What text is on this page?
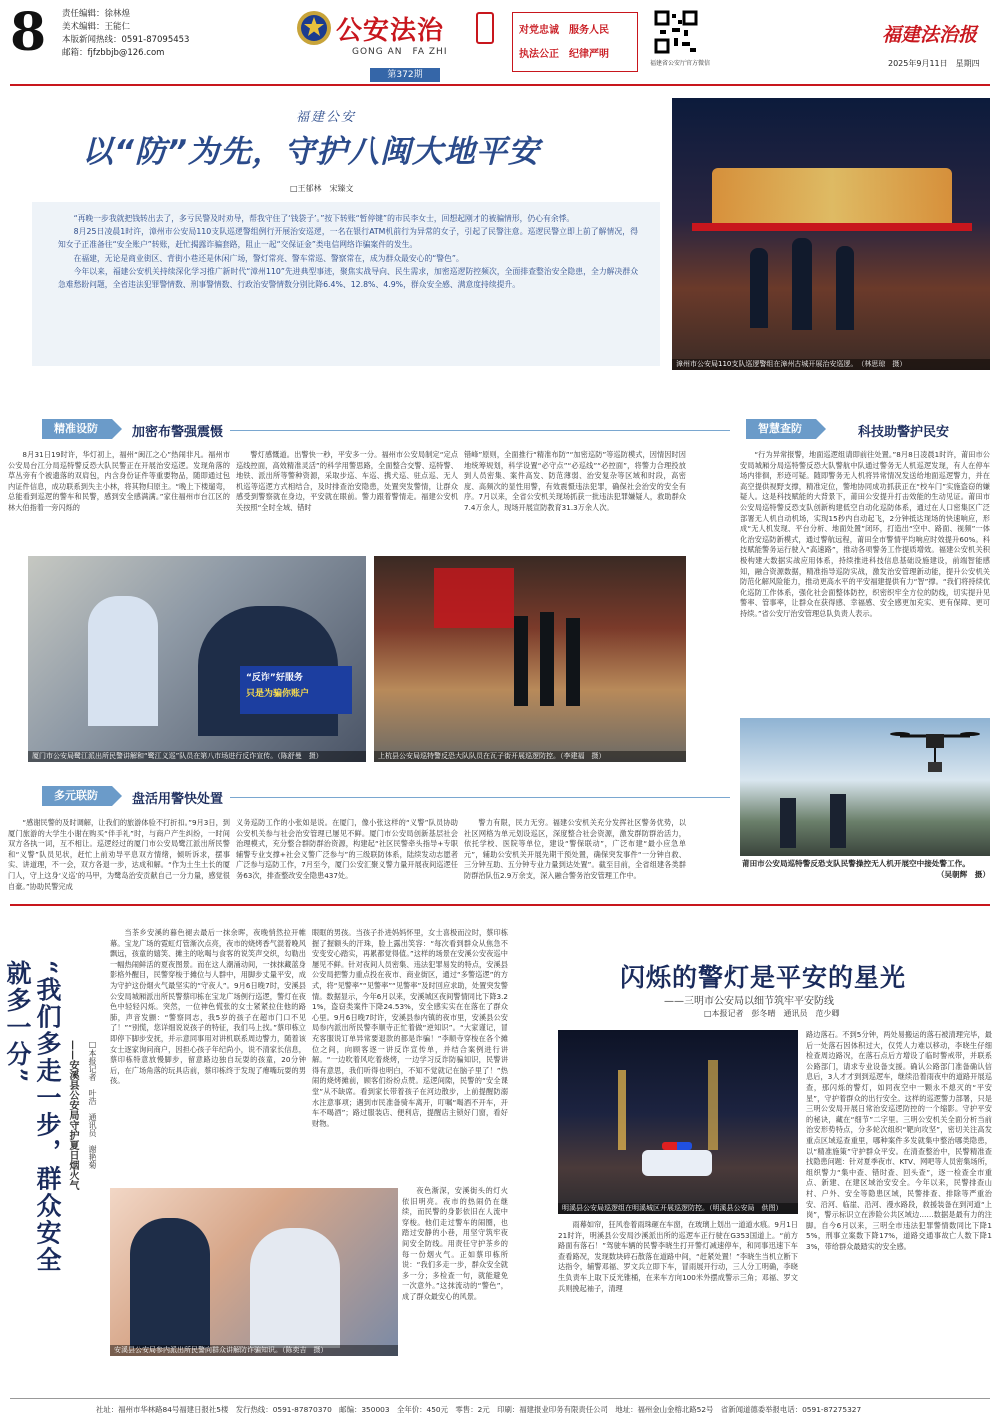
8 责任编辑：徐林煌
美术编辑：王能仁
本版新闻热线：0591-87095453
邮箱：fjfzbbjb@126.com
公安法治
GONG AN　FA ZHI
第372期
对党忠诚　服务人民
执法公正　纪律严明
福建省公安厅官方微信
福建法治报
2025年9月11日　星期四
福建公安
以“防”为先，守护八闽大地平安
□王郁林　宋臻文

“再晚一步我就把钱转出去了，多亏民警及时劝导，帮我守住了‘钱袋子’。”按下转账“暂停键”的市民李女士，回想起刚才的被骗情形，仍心有余悸。

8月25日凌晨1时许，漳州市公安局110支队巡逻警组例行开展治安巡逻，一名在银行ATM机前行为异常的女子，引起了民警注意。巡逻民警立即上前了解情况，得知女子正准备往“安全账户”转账，赶忙揭露诈骗套路，阻止一起“交保证金”类电信网络诈骗案件的发生。

在福建，无论是商业街区、背街小巷还是休闲广场，警灯常亮、警车常巡、警察常在，成为群众最安心的“警色”。

今年以来，福建公安机关持续深化学习推广新时代“漳州110”先进典型事迹，聚焦实战导向、民生需求，加密巡逻防控频次，全面排查整治安全隐患，全力解决群众急难愁盼问题，全省违法犯罪警情数、刑事警情数、行政治安警情数分别比降6.4%、12.8%、4.9%，群众安全感、满意度持续提升。

漳州市公安局110支队巡逻警组在漳州古城开展治安巡逻。　 （林思琼　摄）
精准设防	加密布警强震慑
8月31日19时许，华灯初上，福州“闽江之心”热闹非凡。福州市公安局台江分局巡特警反恐大队民警正在开展治安巡逻。发现角落的草丛旁有个被遗落的双肩包，内含身份证件等重要物品，随即通过包内证件信息，成功联系到失主小林，将其物归原主。“晚上下楼遛弯，总能看到巡逻的警车和民警，感到安全感满满。”家住福州市台江区的林大伯指着一旁闪烁的
警灯感慨道。出警快一秒，平安多一分。福州市公安局制定“定点巡线控面，高效精准灵活”的科学用警思路，全面整合交警、巡特警、地铁、派出所等警种资源，采取步巡、车巡、携犬巡、驻点巡、无人机巡等巡逻方式相结合，及时排查治安隐患，处置突发警情，让群众感受到警察就在身边，平安就在眼前。警力跟着警情走。福建公安机关按照“全时全域、错时
错峰”原则，全面推行“精准布防”“加密巡防”等巡防模式，因情因时因地统筹规划，科学设置“必守点”“必巡线”“必控面”，将警力合理投放到人员密集、案件高发、防范薄弱、治安复杂等区域和时段，高密度、高频次的显性用警，有效震慑违法犯罪，确保社会治安的安全有序。7月以来，全省公安机关现场抓获一批违法犯罪嫌疑人，救助群众7.4万余人，现场开展宣防教育31.3万余人次。
“反诈”好服务
只是为骗你账户
厦门市公安局鹭江派出所民警讲解和“鹭江义巡”队员在第八市场进行反诈宣传。（陈舒曼　摄）	上杭县公安局巡特警反恐大队队员在瓦子街开展巡逻防控。（李建福　摄）
多元联防	盘活用警快处置
“感谢民警的及时调解，让我们的旅游体验不打折扣。”9月3日，到厦门旅游的大学生小谢在购买“伴手礼”时，与商户产生纠纷，一时间双方各执一词，互不相让。巡逻经过的厦门市公安局鹭江派出所民警和“义警”队员见状，赶忙上前劝导平息双方情绪，倾听诉求，摆事实、讲道理，不一会，双方各退一步，达成和解。“作为土生土长的厦门人，守上这身‘义巡’的马甲，为鹭岛治安贡献自己一分力量，感觉很自豪。”协助民警完成
义务巡防工作的小张如是说。在厦门，像小张这样的“义警”队员协助公安机关参与社会治安管理已屡见不鲜。厦门市公安局创新基层社会治理模式，充分整合群防群治资源，构建起“社区民警牵头指导+专职辅警专业支撑+社会义警广泛参与”的三级联防体系，陆续发动志愿者广泛参与巡防工作，7月至今，厦门公安汇聚义警力量开展夜间巡逻任务63次，排查整改安全隐患437处。
警力有限，民力无穷。福建公安机关充分发挥社区警务优势，以社区网格为单元划设巡区，深度整合社会资源，激发群防群治活力，依托学校、医院等单位，建设“警保联动”，广泛布建“最小应急单元”，辅助公安机关开展先期干预处置，确保突发事件“一分钟自救、三分钟互助、五分钟专业力量到达处置”。截至目前，全省组建各类群防群治队伍2.9万余支，深入融合警务治安管理工作中。
智慧查防	科技助警护民安
“行为异常报警，地面巡逻组请即前往处置。”8月8日凌晨1时许，莆田市公安局城厢分局巡特警反恐大队警航中队通过警务无人机巡逻发现，有人在停车场内徘徊，形迹可疑。随即警务无人机将异常情况发送给地面巡逻警力，并在高空提供视野支撑，精准定位，警地协同成功抓获正在“校车门”实施盗窃的嫌疑人。这是科技赋能的大背景下，莆田公安提升打击效能的生动见证。莆田市公安局巡特警反恐支队创新构建低空自动化巡防体系，通过在人口密集区广泛部署无人机自动机场，实现15秒内自动起飞，2分钟抵达现场的快速响应，形成“无人机发现、平台分析、地面处置”闭环，打造出“空中、路面、视频”一体化治安巡防新模式，通过警航远程，莆田全市警情平均响应时效提升60%。科技赋能警务运行驶入“高速路”，推动各项警务工作提质增效。福建公安机关积极构建大数据实战应用体系，持续推进科技信息基础设施建设，前端智能感知，融合资源数据，精准指导巡防实战，激发治安管理新动能，提升公安机关防范化解风险能力，推动更高水平的平安福建提供有力“智”撑。“我们将持续优化巡防工作体系，强化社会面整体防控，织密织牢全方位的防线，切实提升见警率、管事率，让群众在获得感、幸福感、安全感更加充实、更有保障、更可持续。”省公安厅治安管理总队负责人表示。
莆田市公安局巡特警反恐支队民警操控无人机开展空中接处警工作。
（吴朝辉　摄）
“我们多走一步，群众安全就多一分”
——安溪县公安局守护夏日烟火气 □本报记者　叶浩　通讯员　谢艳菊
当茶乡安溪的暮色褪去最后一抹余晖，夜晚悄然拉开帷幕。宝龙广场的霓虹灯管渐次点亮，夜市的烧烤香气混着晚风飘远，孩童的嬉笑、摊主的吆喝与食客的说笑声交织，勾勒出一幅热闹鲜活的夏夜图景。而在这人潮涌动间，一抹抹藏蓝身影格外醒目，民警穿梭于摊位与人群中，用脚步丈量平安，成为守护这份烟火气最坚实的“守夜人”。9月6日晚7时，安溪县公安局城厢派出所民警蔡印栋在宝龙广场例行巡逻，警灯在夜色中轻轻闪烁。突然，一位神色慌张的女士紧紧拉住他的路肺，声音发颤：“警察同志，我5岁的孩子在超市门口不见了！”“别慌，您详细说说孩子的特征，我们马上找。”蔡印栋立即停下脚步安抚，并示意同事用对讲机联系周边警力，随着该女士逐家询问商户，因担心孩子年纪尚小，说不清家长信息，蔡印栋特意放慢脚步，留意路边独自玩耍的孩童，20分钟后，在广场角落的玩具店前，蔡印栋终于发现了瘪嘴玩耍的男孩。
眼眶的男孩。当孩子扑进妈妈怀里，女士喜极而泣时，蔡印栋握了握额头的汗珠，脸上露出笑容：“每次看到群众从焦急不安变安心踏实，再累都觉得值。”这样的场景在安溪公安夜巡中屡见不鲜。针对夜间人员密集、违法犯罪易发的特点，安溪县公安局把警力重点投在夜市、商业街区，通过“多警巡逻”的方式，将“见警率”“见警率”“见警率”及时回应求助，处置突发警情。数据显示，今年6月以来，安溪城区夜间警情同比下降3.21%，盗窃类案件下降24.53%，安全感实实在在落在了群众心里。9月6日晚7时许，安溪县参内镇的夜市里，安溪县公安局参内派出所民警李顺寺正忙着做“逆知识”。“大家谨记，冒充客服说订单异常要退款的都是诈骗！”李顺寺穿梭在各个摊位之间，向顾客逐一讲反诈宣传单，并结合案例进行讲解。“一边吹着风吃着烧烤，一边学习反诈防骗知识，民警讲得有意思，我们听得也明白，不知不觉就记在脑子里了！”热闹的烧烤摊前，顾客们纷纷点赞。巡逻间隙，民警的“安全课堂”从不缺席。看到家长带着孩子在河边散步，上前提醒防溺水注意事项；遇到市民准备骑车离开，叮嘱“喝酒不开车，开车不喝酒”；路过服装店、便利店，提醒店主锁好门窗，看好财物。
夜色渐深，安溪街头的灯火依旧明亮。夜市的热闹仍在继续，而民警的身影依旧在人流中穿梭。他们走过警车的闹圈，也踏过安静的小巷，用坚守筑牢夜间安全防线。用责任守护茶乡的每一份烟火气。正如蔡印栋所说：“我们多走一步，群众安全就多一分；多检查一句，就能避免一次意外。”这抹流动的“警色”，成了群众最安心的风景。
安溪县公安局参内派出所民警向群众讲解防诈骗知识。（陈奕吉　摄）
闪烁的警灯是平安的星光
——三明市公安局以细节筑牢平安防线
□本报记者　彭冬晴　通讯员　范少卿
明溪县公安局巡逻组在明溪城区开展巡逻防控。（明溪县公安局　供图）
路边落石。不到5分钟，两处易搬运的落石被清理完毕，最后一处落石因体积过大，仅凭人力难以移动，李晓生仔细检查周边路况，在落石点后方增设了临时警戒带，并联系公路部门，请求专业设备支援。确认公路部门准备确认信息后，3人才才到到巡逻车，继续沿着雨夜中的道路开展巡查，那闪烁的警灯，如同夜空中一颗永不熄灭的“平安星”，守护着群众的出行安全。这样的巡逻警力部署，只是三明公安局开展日常治安巡逻防控的一个缩影。守护平安的秘诀，藏在“细节”二字里。三明公安机关全面分析当前治安形势特点，分多轮次组织“靶向攻坚”，密切关注高发重点区域巡查重里，哪种案件多发就集中整治哪类隐患，以“精准施策”守护群众平安。在清查整治中，民警精准查找隐患问题：针对夏季夜市、KTV、网吧等人员密集场所，组织警力“集中查、错时查、回头查”，逐一检查全市重点、新建、在建区域治安安全。今年以来，民警排查山村、户外、安全等隐患区域，民警排查、排除等严重治安、沿河、临崖、沿河、漫水路段，救援装备在到河道“上岗”，警示标识立在涉险公共区域边……数据是最有力的注脚。自今6月以来，三明全市违法犯罪警情数同比下降15%，刑事立案数下降17%，道路交通事故亡人数下降13%，带给群众最踏实的安全感。
雨幕如帘，狂风卷着雨珠砸在车窗，在玻璃上划出一道道水痕。9月1日21时许，明溪县公安局沙溪派出所的巡逻车正行驶在G353国道上。“前方路面有落石！”驾驶车辆的民警李晓生打开警灯减速停车，和同事迅速下车查看路况，发现数块碎石散落在道路中间，“赶紧处置！”李晓生当机立断下达指令，辅警邓福、罗文兵立即下车，冒雨展开行动，三人分工明确，李晓生负责车上取下反光锥桶，在来车方向100米外摆成警示三角；邓福、罗文兵则挽起袖子，清理
社址：福州市华林路84号福建日报社5楼　发行热线：0591-87870370　邮编：350003　全年价：450元　零售：2元　印刷：福建报业印务有限责任公司　地址：福州金山金榕北路52号　省新闻道德委举报电话：0591-87275327
